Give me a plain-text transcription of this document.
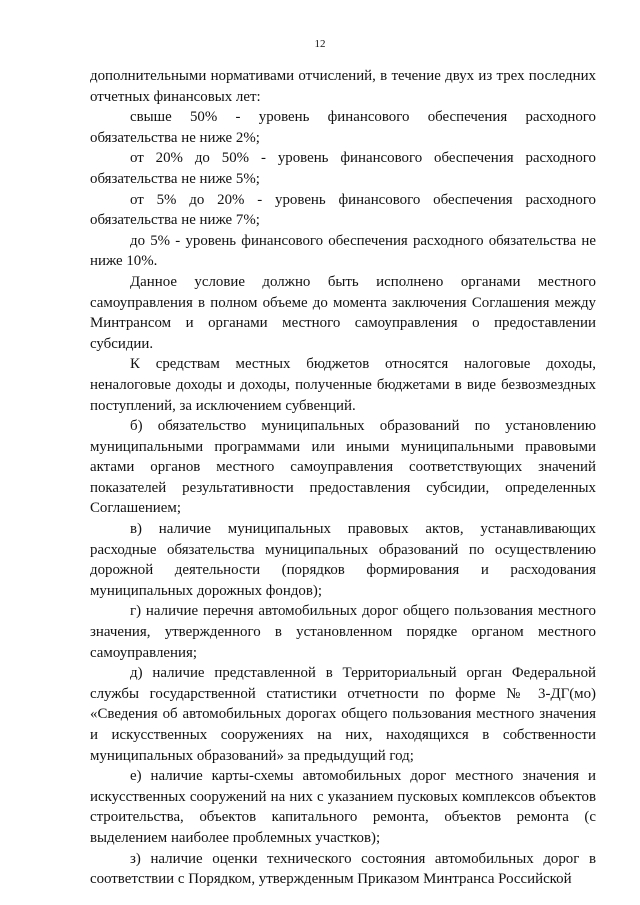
12

дополнительными нормативами отчислений, в течение двух из трех последних отчетных финансовых лет:

свыше 50% - уровень финансового обеспечения расходного обязательства не ниже 2%;

от 20% до 50% - уровень финансового обеспечения расходного обязательства не ниже 5%;

от 5% до 20% - уровень финансового обеспечения расходного обязательства не ниже 7%;

до 5% - уровень финансового обеспечения расходного обязательства не ниже 10%.

Данное условие должно быть исполнено органами местного самоуправления в полном объеме до момента заключения Соглашения между Минтрансом и органами местного самоуправления о предоставлении субсидии.

К средствам местных бюджетов относятся налоговые доходы, неналоговые доходы и доходы, полученные бюджетами в виде безвозмездных поступлений, за исключением субвенций.

б) обязательство муниципальных образований по установлению муниципальными программами или иными муниципальными правовыми актами органов местного самоуправления соответствующих значений показателей результативности предоставления субсидии, определенных Соглашением;

в) наличие муниципальных правовых актов, устанавливающих расходные обязательства муниципальных образований по осуществлению дорожной деятельности (порядков формирования и расходования муниципальных дорожных фондов);

г) наличие перечня автомобильных дорог общего пользования местного значения, утвержденного в установленном порядке органом местного самоуправления;

д) наличие представленной в Территориальный орган Федеральной службы государственной статистики отчетности по форме № 3-ДГ(мо) «Сведения об автомобильных дорогах общего пользования местного значения и искусственных сооружениях на них, находящихся в собственности муниципальных образований» за предыдущий год;

е) наличие карты-схемы автомобильных дорог местного значения и искусственных сооружений на них с указанием пусковых комплексов объектов строительства, объектов капитального ремонта, объектов ремонта (с выделением наиболее проблемных участков);

з) наличие оценки технического состояния автомобильных дорог в соответствии с Порядком, утвержденным Приказом Минтранса Российской
